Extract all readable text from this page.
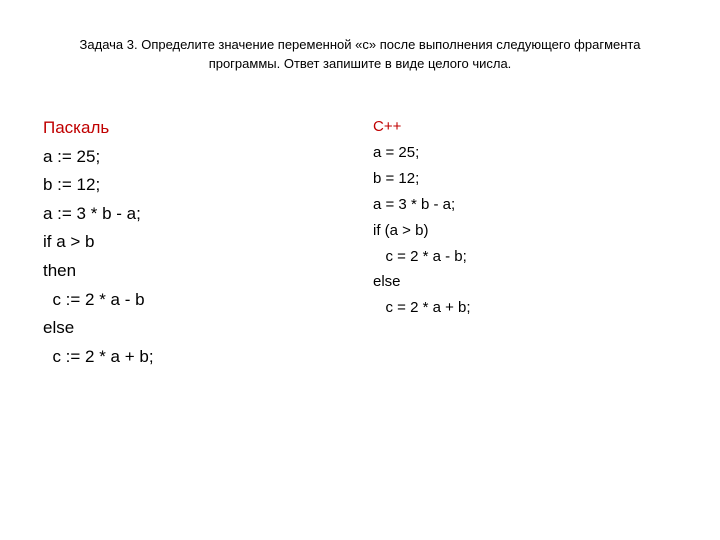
Задача 3. Определите значение переменной «c» после выполнения следующего фрагмента
программы. Ответ запишите в виде целого числа.
Паскаль
a := 25;
b := 12;
a := 3 * b - a;
if a > b
then
c := 2 * a - b
else
c := 2 * a + b;
C++
a = 25;
b = 12;
a = 3 * b - a;
if (a > b)
c = 2 * a - b;
else
c = 2 * a + b;
